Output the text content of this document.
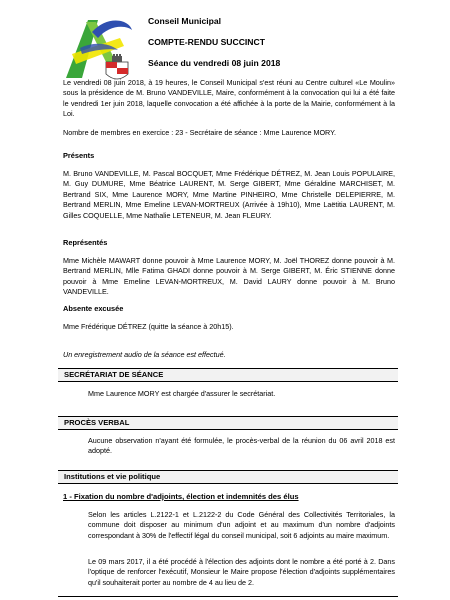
Conseil Municipal
COMPTE-RENDU SUCCINCT
Séance du vendredi 08 juin 2018

Le vendredi 08 juin 2018, à 19 heures, le Conseil Municipal s'est réuni au Centre culturel «Le Moulin» sous la présidence de M. Bruno VANDEVILLE, Maire, conformément à la convocation qui lui a été faite le vendredi 1er juin 2018, laquelle convocation a été affichée à la porte de la Mairie, conformément à la Loi.

Nombre de membres en exercice : 23 - Secrétaire de séance : Mme Laurence MORY.

Présents

M. Bruno VANDEVILLE, M. Pascal BOCQUET, Mme Frédérique DÉTREZ, M. Jean Louis POPULAIRE, M. Guy DUMURE, Mme Béatrice LAURENT, M. Serge GIBERT, Mme Géraldine MARCHISET, M. Bertrand SIX, Mme Laurence MORY, Mme Martine PINHEIRO, Mme Christelle DELEPIERRE, M. Bertrand MERLIN, Mme Emeline LEVAN-MORTREUX (Arrivée à 19h10), Mme Laëtitia LAURENT, M. Gilles COQUELLE, Mme Nathalie LETENEUR, M. Jean FLEURY.

Représentés

Mme Michèle MAWART donne pouvoir à Mme Laurence MORY, M. Joël THOREZ donne pouvoir à M. Bertrand MERLIN, Mlle Fatima GHADI donne pouvoir à M. Serge GIBERT, M. Éric STIENNE donne pouvoir à Mme Emeline LEVAN-MORTREUX, M. David LAURY donne pouvoir à M. Bruno VANDEVILLE.

Absente excusée

Mme Frédérique DÉTREZ (quitte la séance à 20h15).

Un enregistrement audio de la séance est effectué.

SECRÉTARIAT DE SÉANCE

Mme Laurence MORY est chargée d'assurer le secrétariat.

PROCÈS VERBAL

Aucune observation n'ayant été formulée, le procès-verbal de la réunion du 06 avril 2018 est adopté.

Institutions et vie politique
1 - Fixation du nombre d'adjoints, élection et indemnités des élus

Selon les articles L.2122-1 et L.2122-2 du Code Général des Collectivités Territoriales, la commune doit disposer au minimum d'un adjoint et au maximum d'un nombre d'adjoints correspondant à 30% de l'effectif légal du conseil municipal, soit 6 adjoints au maire maximum.

Le 09 mars 2017, il a été procédé à l'élection des adjoints dont le nombre a été porté à 2. Dans l'optique de renforcer l'exécutif, Monsieur le Maire propose l'élection d'adjoints supplémentaires qu'il souhaiterait porter au nombre de 4 au lieu de 2.
